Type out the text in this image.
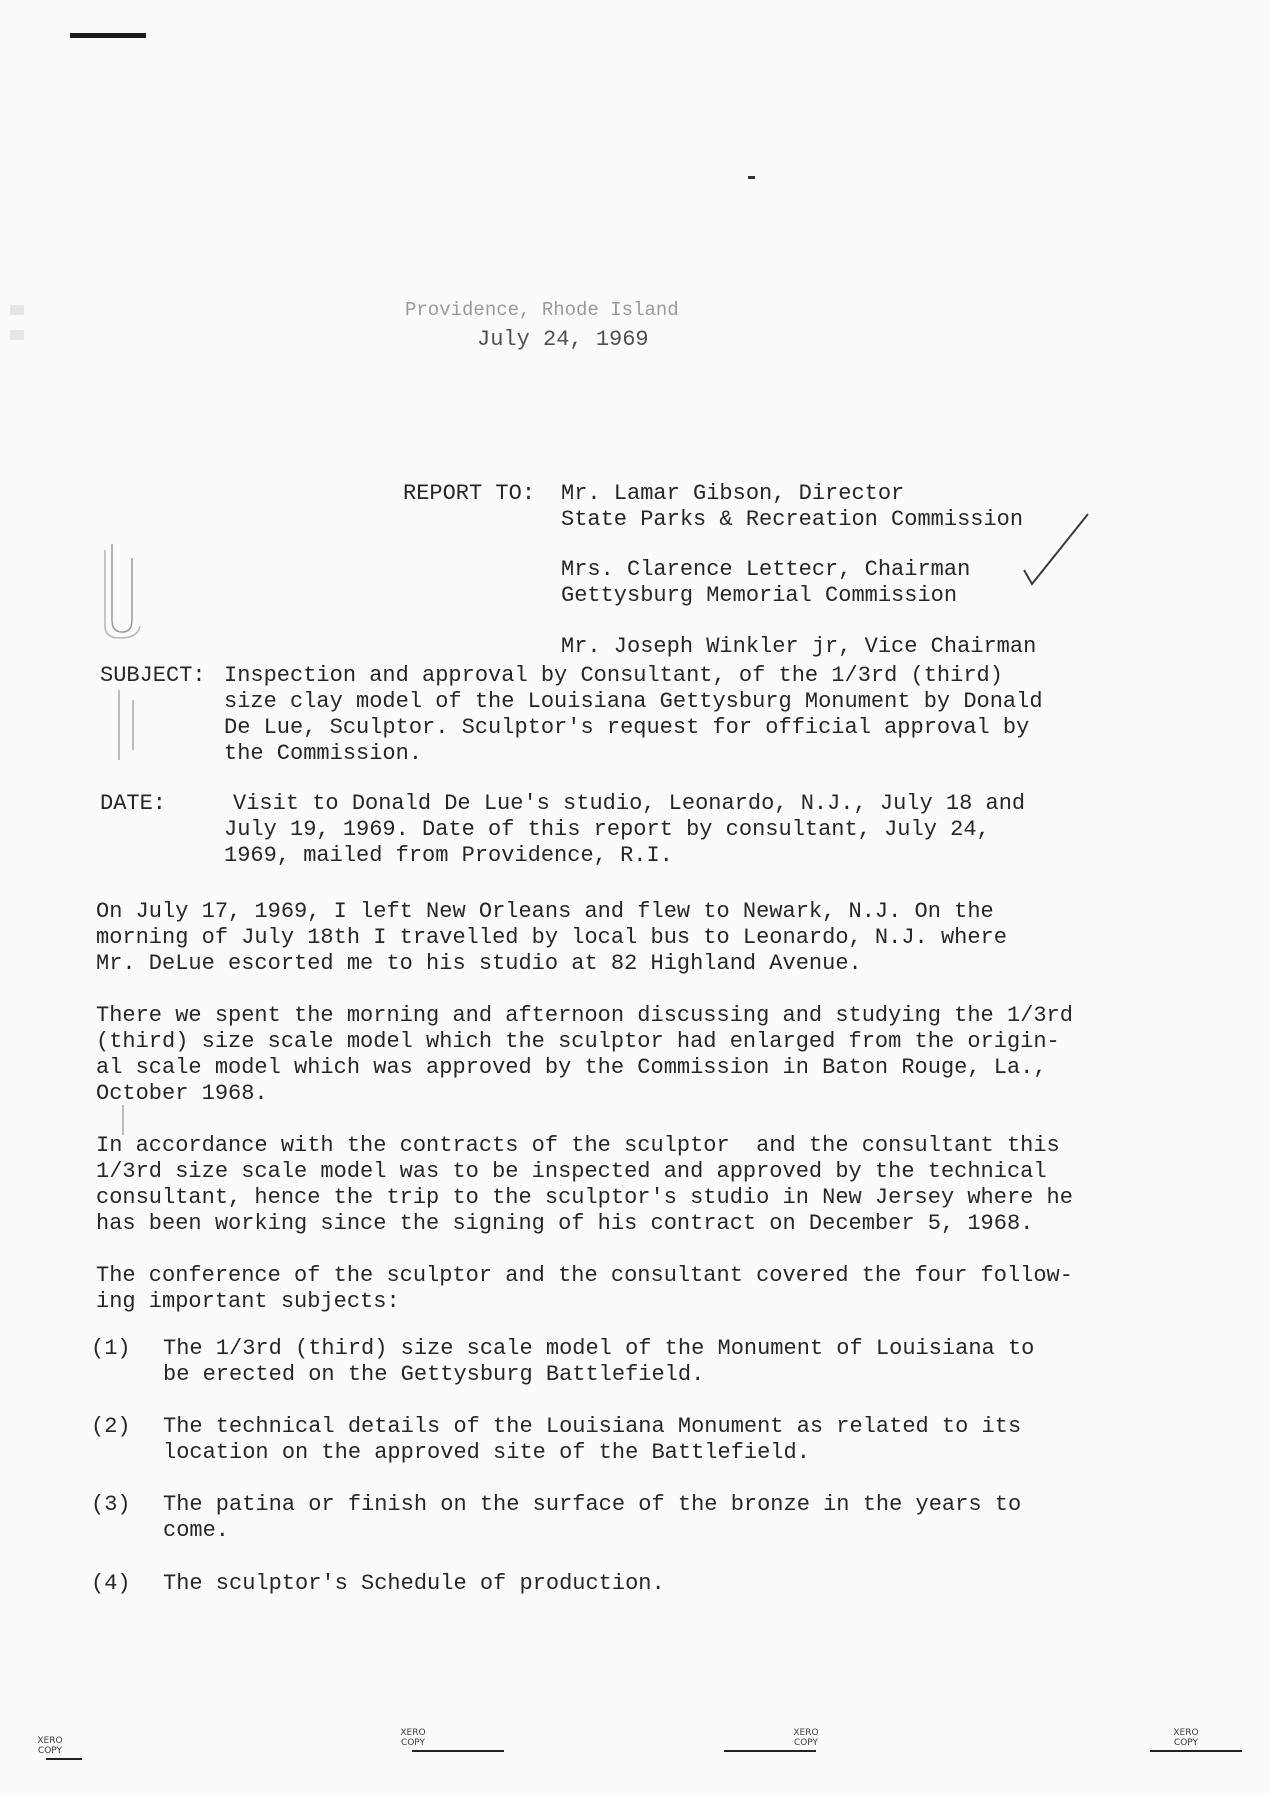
Providence, Rhode Island
July 24, 1969
REPORT TO: Mr. Lamar Gibson, Director
State Parks & Recreation Commission
Mrs. Clarence Lettecr, Chairman
Gettysburg Memorial Commission
Mr. Joseph Winkler jr, Vice Chairman
SUBJECT: Inspection and approval by Consultant, of the 1/3rd (third)
size clay model of the Louisiana Gettysburg Monument by Donald
De Lue, Sculptor. Sculptor's request for official approval by
the Commission.
DATE:	Visit to Donald De Lue's studio, Leonardo, N.J., July 18 and
July 19, 1969. Date of this report by consultant, July 24,
1969, mailed from Providence, R.I.
On July 17, 1969, I left New Orleans and flew to Newark, N.J. On the
morning of July 18th I travelled by local bus to Leonardo, N.J. where
Mr. DeLue escorted me to his studio at 82 Highland Avenue.
There we spent the morning and afternoon discussing and studying the 1/3rd
(third) size scale model which the sculptor had enlarged from the origin-
al scale model which was approved by the Commission in Baton Rouge, La.,
October 1968.
In accordance with the contracts of the sculptor  and the consultant this
1/3rd size scale model was to be inspected and approved by the technical
consultant, hence the trip to the sculptor's studio in New Jersey where he
has been working since the signing of his contract on December 5, 1968.
The conference of the sculptor and the consultant covered the four follow-
ing important subjects:
(1) The 1/3rd (third) size scale model of the Monument of Louisiana to
be erected on the Gettysburg Battlefield.
(2) The technical details of the Louisiana Monument as related to its
location on the approved site of the Battlefield.
(3) The patina or finish on the surface of the bronze in the years to
come.
(4) The sculptor's Schedule of production.
XERO
COPY
XERO
COPY
XERO
COPY
XERO
COPY
